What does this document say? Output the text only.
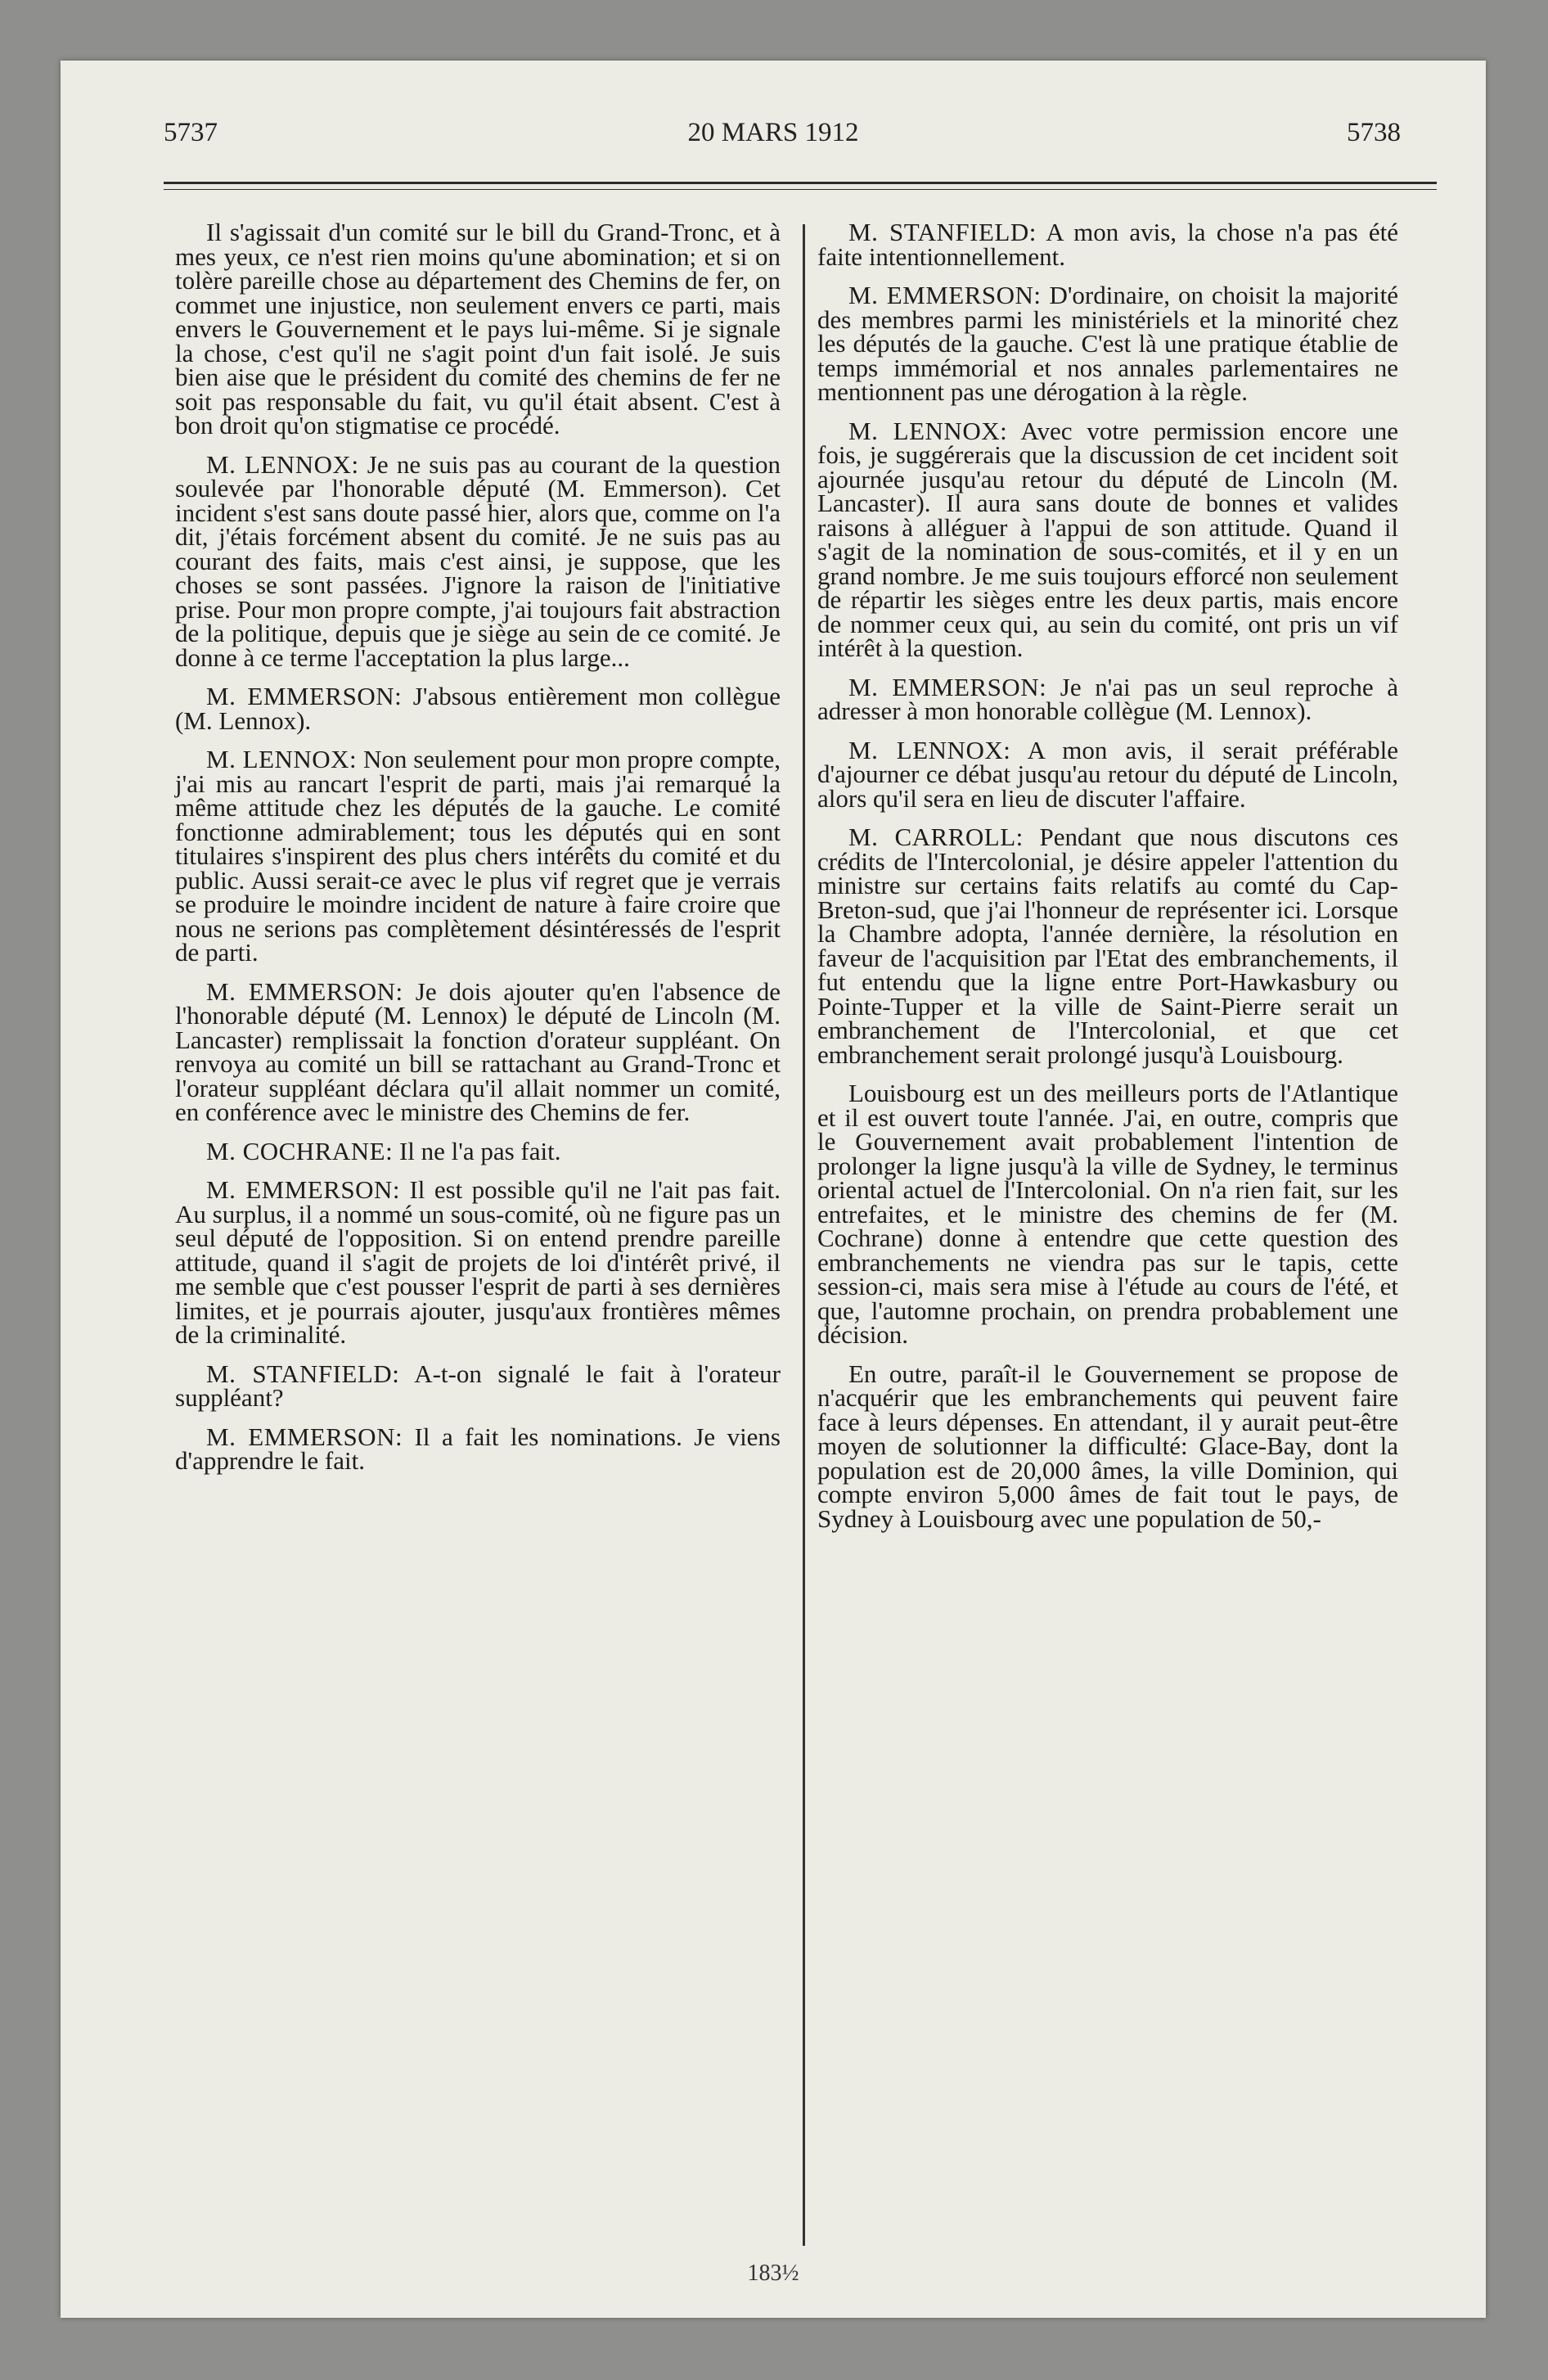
5737	20 MARS 1912	5738

Il s'agissait d'un comité sur le bill du Grand-Tronc, et à mes yeux, ce n'est rien moins qu'une abomination; et si on tolère pareille chose au département des Chemins de fer, on commet une injustice, non seulement envers ce parti, mais envers le Gouvernement et le pays lui-même. Si je signale la chose, c'est qu'il ne s'agit point d'un fait isolé. Je suis bien aise que le président du comité des chemins de fer ne soit pas responsable du fait, vu qu'il était absent. C'est à bon droit qu'on stigmatise ce procédé.

M. LENNOX: Je ne suis pas au courant de la question soulevée par l'honorable député (M. Emmerson). Cet incident s'est sans doute passé hier, alors que, comme on l'a dit, j'étais forcément absent du comité. Je ne suis pas au courant des faits, mais c'est ainsi, je suppose, que les choses se sont passées. J'ignore la raison de l'initiative prise. Pour mon propre compte, j'ai toujours fait abstraction de la politique, depuis que je siège au sein de ce comité. Je donne à ce terme l'acceptation la plus large...

M. EMMERSON: J'absous entièrement mon collègue (M. Lennox).

M. LENNOX: Non seulement pour mon propre compte, j'ai mis au rancart l'esprit de parti, mais j'ai remarqué la même attitude chez les députés de la gauche. Le comité fonctionne admirablement; tous les députés qui en sont titulaires s'inspirent des plus chers intérêts du comité et du public. Aussi serait-ce avec le plus vif regret que je verrais se produire le moindre incident de nature à faire croire que nous ne serions pas complètement désintéressés de l'esprit de parti.

M. EMMERSON: Je dois ajouter qu'en l'absence de l'honorable député (M. Lennox) le député de Lincoln (M. Lancaster) remplissait la fonction d'orateur suppléant. On renvoya au comité un bill se rattachant au Grand-Tronc et l'orateur suppléant déclara qu'il allait nommer un comité, en conférence avec le ministre des Chemins de fer.

M. COCHRANE: Il ne l'a pas fait.

M. EMMERSON: Il est possible qu'il ne l'ait pas fait. Au surplus, il a nommé un sous-comité, où ne figure pas un seul député de l'opposition. Si on entend prendre pareille attitude, quand il s'agit de projets de loi d'intérêt privé, il me semble que c'est pousser l'esprit de parti à ses dernières limites, et je pourrais ajouter, jusqu'aux frontières mêmes de la criminalité.

M. STANFIELD: A-t-on signalé le fait à l'orateur suppléant?

M. EMMERSON: Il a fait les nominations. Je viens d'apprendre le fait.

M. STANFIELD: A mon avis, la chose n'a pas été faite intentionnellement.

M. EMMERSON: D'ordinaire, on choisit la majorité des membres parmi les ministériels et la minorité chez les députés de la gauche. C'est là une pratique établie de temps immémorial et nos annales parlementaires ne mentionnent pas une dérogation à la règle.

M. LENNOX: Avec votre permission encore une fois, je suggérerais que la discussion de cet incident soit ajournée jusqu'au retour du député de Lincoln (M. Lancaster). Il aura sans doute de bonnes et valides raisons à alléguer à l'appui de son attitude. Quand il s'agit de la nomination de sous-comités, et il y en un grand nombre. Je me suis toujours efforcé non seulement de répartir les sièges entre les deux partis, mais encore de nommer ceux qui, au sein du comité, ont pris un vif intérêt à la question.

M. EMMERSON: Je n'ai pas un seul reproche à adresser à mon honorable collègue (M. Lennox).

M. LENNOX: A mon avis, il serait préférable d'ajourner ce débat jusqu'au retour du député de Lincoln, alors qu'il sera en lieu de discuter l'affaire.

M. CARROLL: Pendant que nous discutons ces crédits de l'Intercolonial, je désire appeler l'attention du ministre sur certains faits relatifs au comté du Cap-Breton-sud, que j'ai l'honneur de représenter ici. Lorsque la Chambre adopta, l'année dernière, la résolution en faveur de l'acquisition par l'Etat des embranchements, il fut entendu que la ligne entre Port-Hawkasbury ou Pointe-Tupper et la ville de Saint-Pierre serait un embranchement de l'Intercolonial, et que cet embranchement serait prolongé jusqu'à Louisbourg.

Louisbourg est un des meilleurs ports de l'Atlantique et il est ouvert toute l'année. J'ai, en outre, compris que le Gouvernement avait probablement l'intention de prolonger la ligne jusqu'à la ville de Sydney, le terminus oriental actuel de l'Intercolonial. On n'a rien fait, sur les entrefaites, et le ministre des chemins de fer (M. Cochrane) donne à entendre que cette question des embranchements ne viendra pas sur le tapis, cette session-ci, mais sera mise à l'étude au cours de l'été, et que, l'automne prochain, on prendra probablement une décision.

En outre, paraît-il le Gouvernement se propose de n'acquérir que les embranchements qui peuvent faire face à leurs dépenses. En attendant, il y aurait peut-être moyen de solutionner la difficulté: Glace-Bay, dont la population est de 20,000 âmes, la ville Dominion, qui compte environ 5,000 âmes de fait tout le pays, de Sydney à Louisbourg avec une population de 50,-

183½
